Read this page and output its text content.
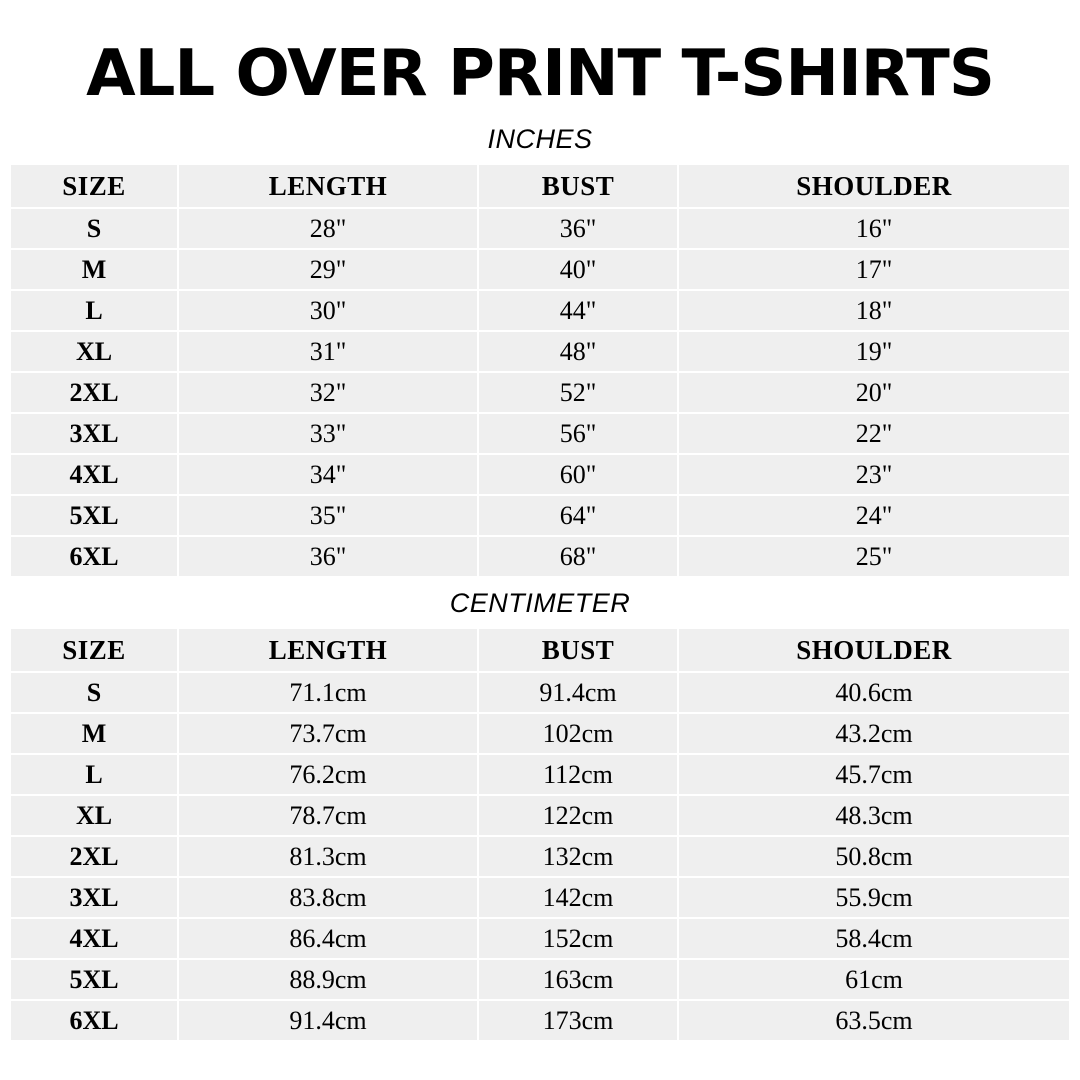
ALL OVER PRINT T-SHIRTS
INCHES
SIZE	LENGTH	BUST	SHOULDER
S	28"	36"	16"
M	29"	40"	17"
L	30"	44"	18"
XL	31"	48"	19"
2XL	32"	52"	20"
3XL	33"	56"	22"
4XL	34"	60"	23"
5XL	35"	64"	24"
6XL	36"	68"	25"
CENTIMETER
SIZE	LENGTH	BUST	SHOULDER
S	71.1cm	91.4cm	40.6cm
M	73.7cm	102cm	43.2cm
L	76.2cm	112cm	45.7cm
XL	78.7cm	122cm	48.3cm
2XL	81.3cm	132cm	50.8cm
3XL	83.8cm	142cm	55.9cm
4XL	86.4cm	152cm	58.4cm
5XL	88.9cm	163cm	61cm
6XL	91.4cm	173cm	63.5cm
